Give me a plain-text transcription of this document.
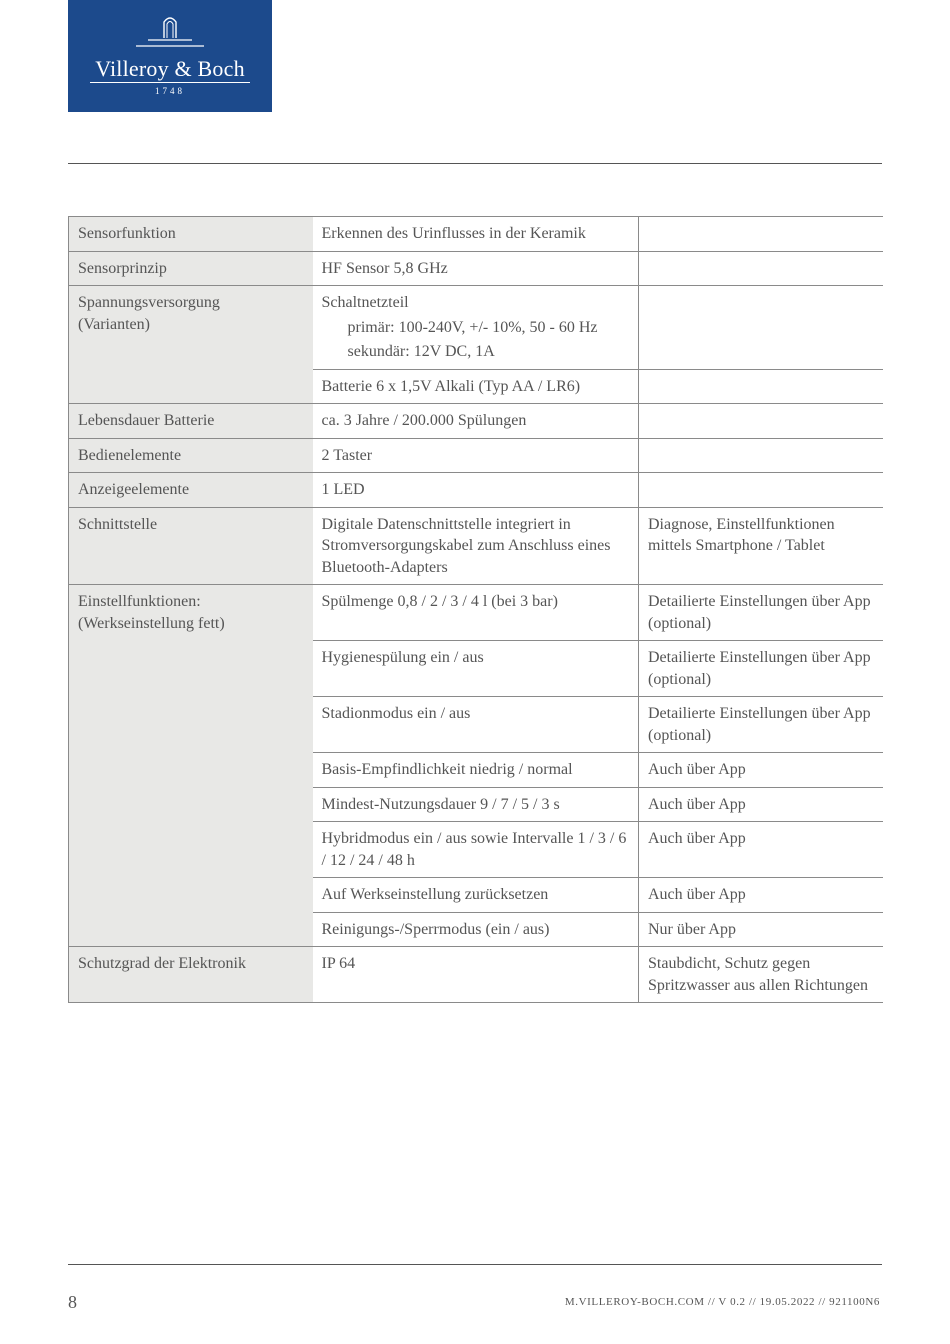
Villeroy & Boch
1748
Sensorfunktion	Erkennen des Urinflusses in der Keramik	
Sensorprinzip	HF Sensor 5,8 GHz	
Spannungsversorgung
(Varianten)	Schaltnetzteil
primär: 100-240V, +/- 10%, 50 - 60 Hz
sekundär: 12V DC, 1A	

	Batterie 6 x 1,5V Alkali (Typ AA / LR6)	
Lebensdauer Batterie	ca. 3 Jahre / 200.000 Spülungen	
Bedienelemente	2 Taster	
Anzeigeelemente	1 LED	
Schnittstelle	Digitale Datenschnittstelle integriert in Stromversorgungskabel zum Anschluss eines Bluetooth-Adapters	Diagnose, Einstellfunktionen mittels Smartphone / Tablet
Einstellfunktionen:
(Werkseinstellung fett)	Spülmenge 0,8 / 2 / 3 / 4 l (bei 3 bar)	Detailierte Einstellungen über App (optional)
	Hygienespülung ein / aus	Detailierte Einstellungen über App (optional)
	Stadionmodus ein / aus	Detailierte Einstellungen über App (optional)
	Basis-Empfindlichkeit niedrig / normal	Auch über App
	Mindest-Nutzungsdauer 9 / 7 / 5 / 3 s	Auch über App
	Hybridmodus ein / aus sowie Intervalle 1 / 3 / 6 / 12 / 24 / 48 h	Auch über App
	Auf Werkseinstellung zurücksetzen	Auch über App
	Reinigungs-/Sperrmodus (ein / aus)	Nur über App
Schutzgrad der Elektronik	IP 64	Staubdicht, Schutz gegen Spritzwasser aus allen Richtungen
8	M.VILLEROY-BOCH.COM // V 0.2 // 19.05.2022 // 921100N6
